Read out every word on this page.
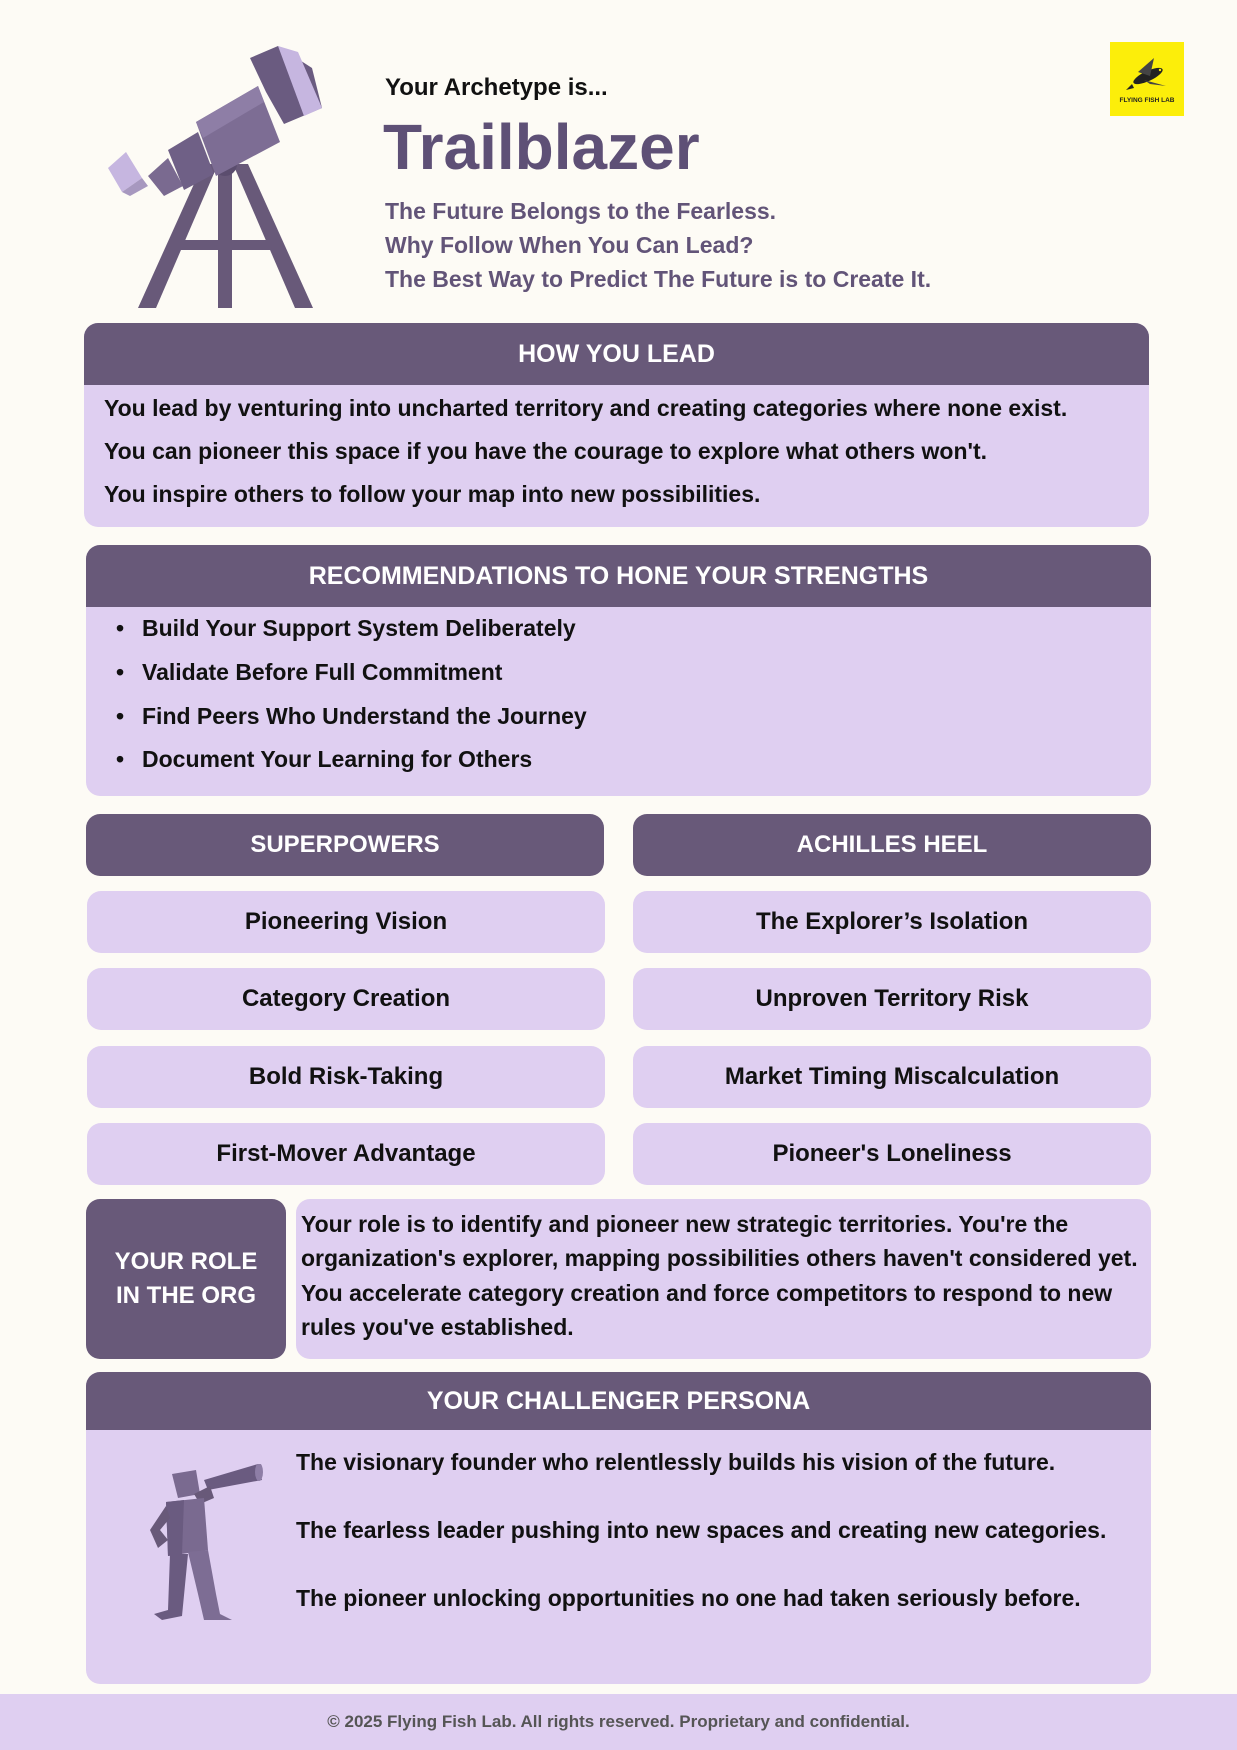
Your Archetype is...
Trailblazer
The Future Belongs to the Fearless.
Why Follow When You Can Lead?
The Best Way to Predict The Future is to Create It.
FLYING FISH LAB
HOW YOU LEAD
You lead by venturing into uncharted territory and creating categories where none exist.
You can pioneer this space if you have the courage to explore what others won't.
You inspire others to follow your map into new possibilities.
RECOMMENDATIONS TO HONE YOUR STRENGTHS
• Build Your Support System Deliberately
• Validate Before Full Commitment
• Find Peers Who Understand the Journey
• Document Your Learning for Others
SUPERPOWERS	ACHILLES HEEL
Pioneering Vision
Category Creation
Bold Risk-Taking
First-Mover Advantage
The Explorer’s Isolation
Unproven Territory Risk
Market Timing Miscalculation
Pioneer's Loneliness
YOUR ROLE
IN THE ORG
Your role is to identify and pioneer new strategic territories. You're the
organization's explorer, mapping possibilities others haven't considered yet.
You accelerate category creation and force competitors to respond to new
rules you've established.
YOUR CHALLENGER PERSONA
The visionary founder who relentlessly builds his vision of the future.
The fearless leader pushing into new spaces and creating new categories.
The pioneer unlocking opportunities no one had taken seriously before.
© 2025 Flying Fish Lab. All rights reserved. Proprietary and confidential.
